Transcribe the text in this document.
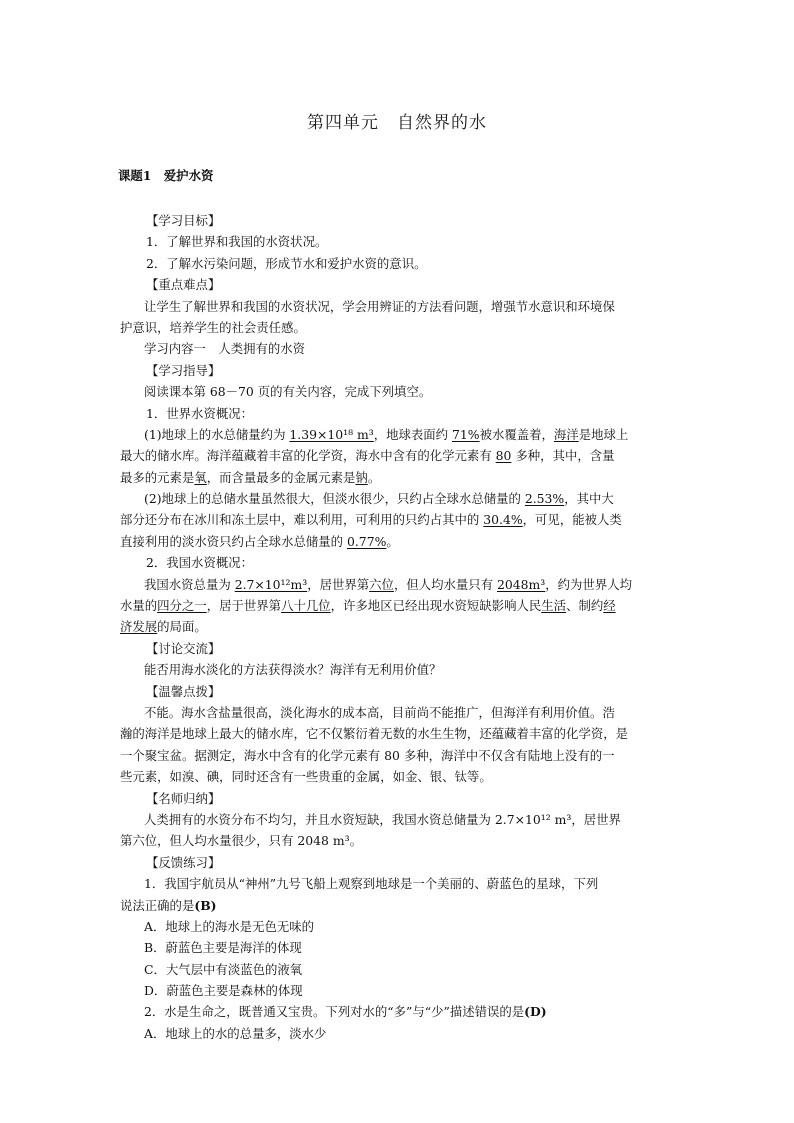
第四单元　自然界的水
课题1　爱护水资
【学习目标】
1．了解世界和我国的水资状况。
2．了解水污染问题，形成节水和爱护水资的意识。
【重点难点】
让学生了解世界和我国的水资状况，学会用辨证的方法看问题，增强节水意识和环境保
护意识，培养学生的社会责任感。
学习内容一　人类拥有的水资
【学习指导】
阅读课本第 68－70 页的有关内容，完成下列填空。
1．世界水资概况：
(1)地球上的水总储量约为 1.39×10¹⁸ m³，地球表面约 71%被水覆盖着，海洋是地球上
最大的储水库。海洋蕴藏着丰富的化学资，海水中含有的化学元素有 80 多种，其中，含量
最多的元素是氧，而含量最多的金属元素是钠。
(2)地球上的总储水量虽然很大，但淡水很少，只约占全球水总储量的 2.53%，其中大
部分还分布在冰川和冻土层中，难以利用，可利用的只约占其中的 30.4%，可见，能被人类
直接利用的淡水资只约占全球水总储量的 0.77%。
2．我国水资概况：
我国水资总量为 2.7×10¹²m³，居世界第六位，但人均水量只有 2048m³，约为世界人均
水量的四分之一，居于世界第八十几位，许多地区已经出现水资短缺影响人民生活、制约经
济发展的局面。
【讨论交流】
能否用海水淡化的方法获得淡水？海洋有无利用价值？
【温馨点拨】
不能。海水含盐量很高，淡化海水的成本高，目前尚不能推广，但海洋有利用价值。浩
瀚的海洋是地球上最大的储水库，它不仅繁衍着无数的水生生物，还蕴藏着丰富的化学资，是
一个聚宝盆。据测定，海水中含有的化学元素有 80 多种，海洋中不仅含有陆地上没有的一
些元素，如溴、碘，同时还含有一些贵重的金属，如金、银、钛等。
【名师归纳】
人类拥有的水资分布不均匀，并且水资短缺，我国水资总储量为 2.7×10¹² m³，居世界
第六位，但人均水量很少，只有 2048 m³。
【反馈练习】
1．我国宇航员从“神州”九号飞船上观察到地球是一个美丽的、蔚蓝色的星球，下列
说法正确的是(B)
A．地球上的海水是无色无味的
B．蔚蓝色主要是海洋的体现
C．大气层中有淡蓝色的液氧
D．蔚蓝色主要是森林的体现
2．水是生命之，既普通又宝贵。下列对水的“多”与“少”描述错误的是(D)
A．地球上的水的总量多，淡水少
